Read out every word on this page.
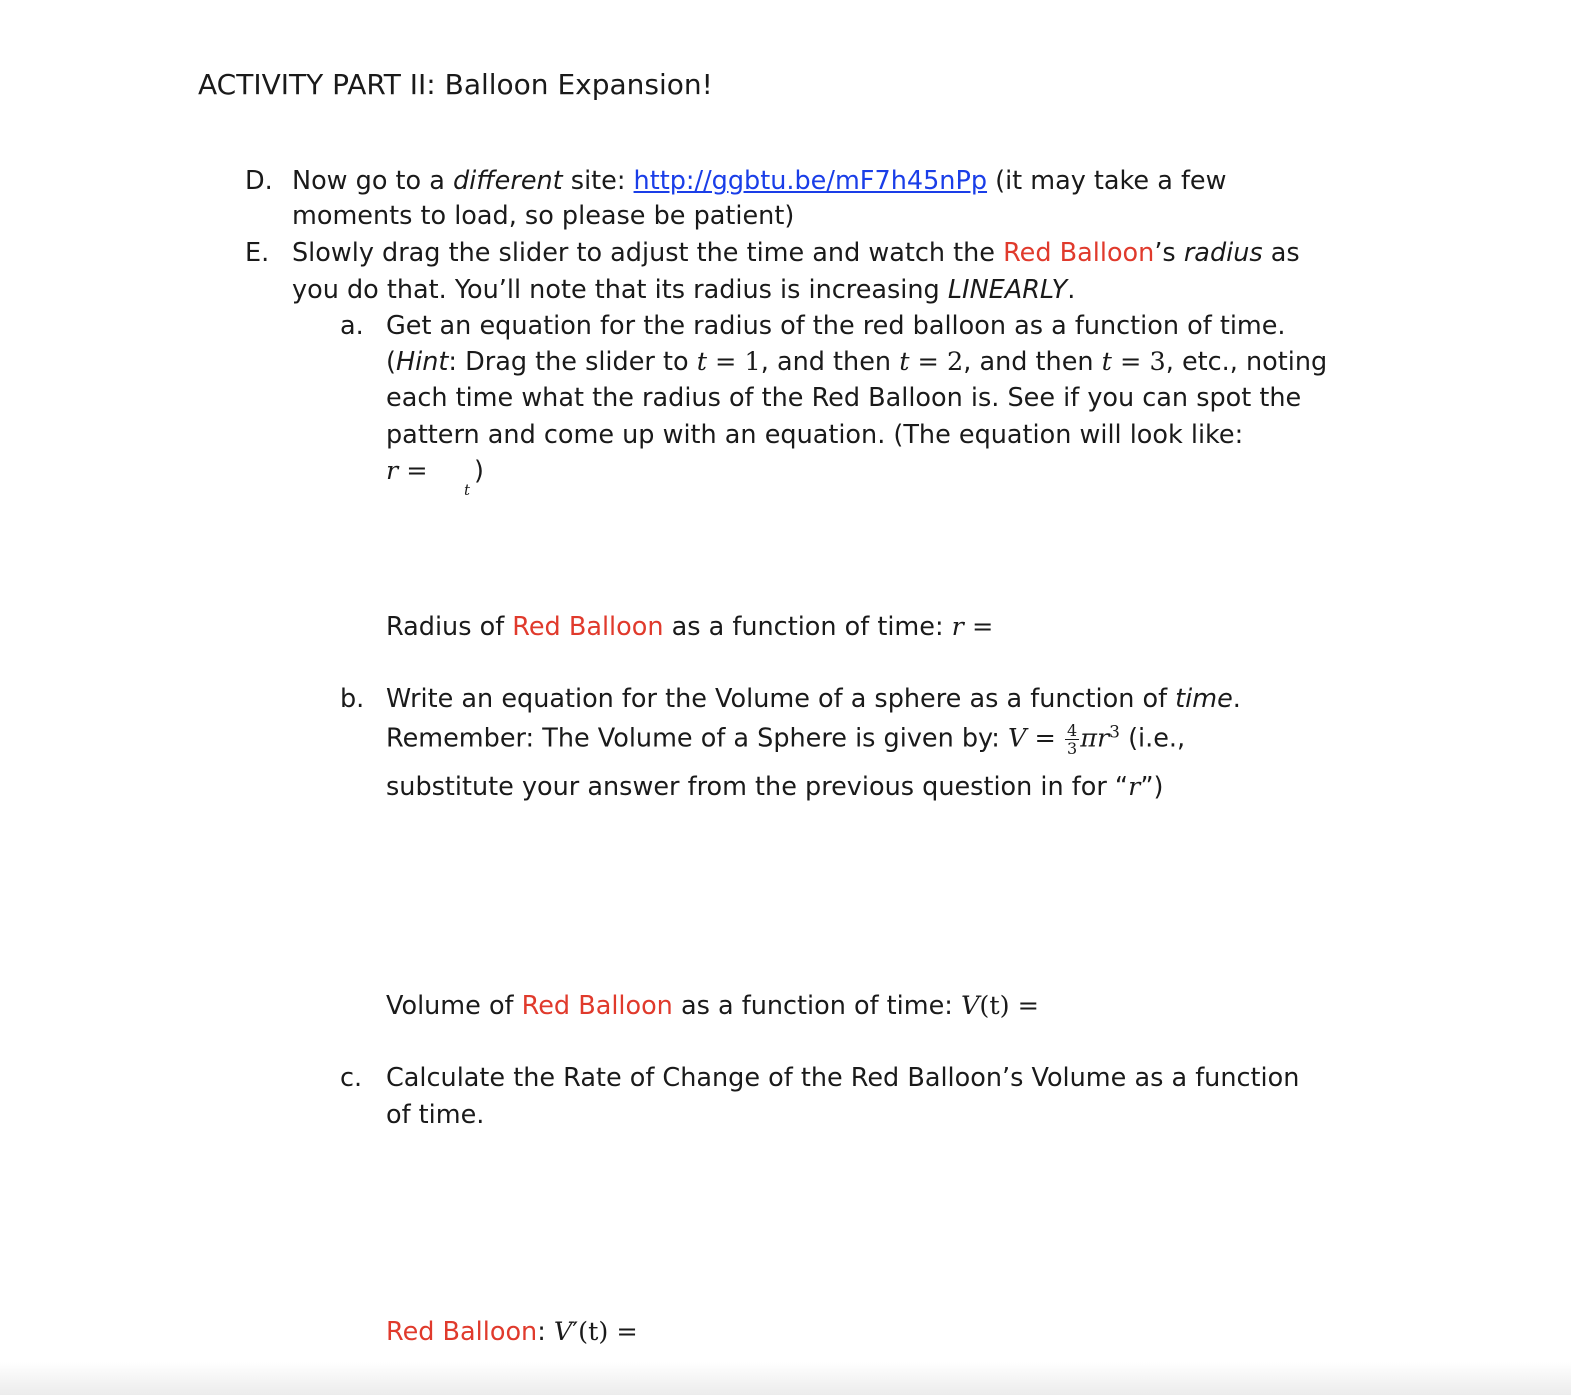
ACTIVITY PART II: Balloon Expansion!
D. Now go to a different site: http://ggbtu.be/mF7h45nPp (it may take a few
moments to load, so please be patient)
E. Slowly drag the slider to adjust the time and watch the Red Balloon’s radius as
you do that. You’ll note that its radius is increasing LINEARLY.
a. Get an equation for the radius of the red balloon as a function of time.
(Hint: Drag the slider to t = 1, and then t = 2, and then t = 3, etc., noting
each time what the radius of the Red Balloon is. See if you can spot the
pattern and come up with an equation. (The equation will look like:
r = )
t
Radius of Red Balloon as a function of time: r =
b. Write an equation for the Volume of a sphere as a function of time.
Remember: The Volume of a Sphere is given by: $V = \frac{4}{3} \pi r^3$ (i.e.,
substitute your answer from the previous question in for “r”)
Volume of Red Balloon as a function of time: V(t) =
c. Calculate the Rate of Change of the Red Balloon’s Volume as a function
of time.
Red Balloon: V′(t) =
